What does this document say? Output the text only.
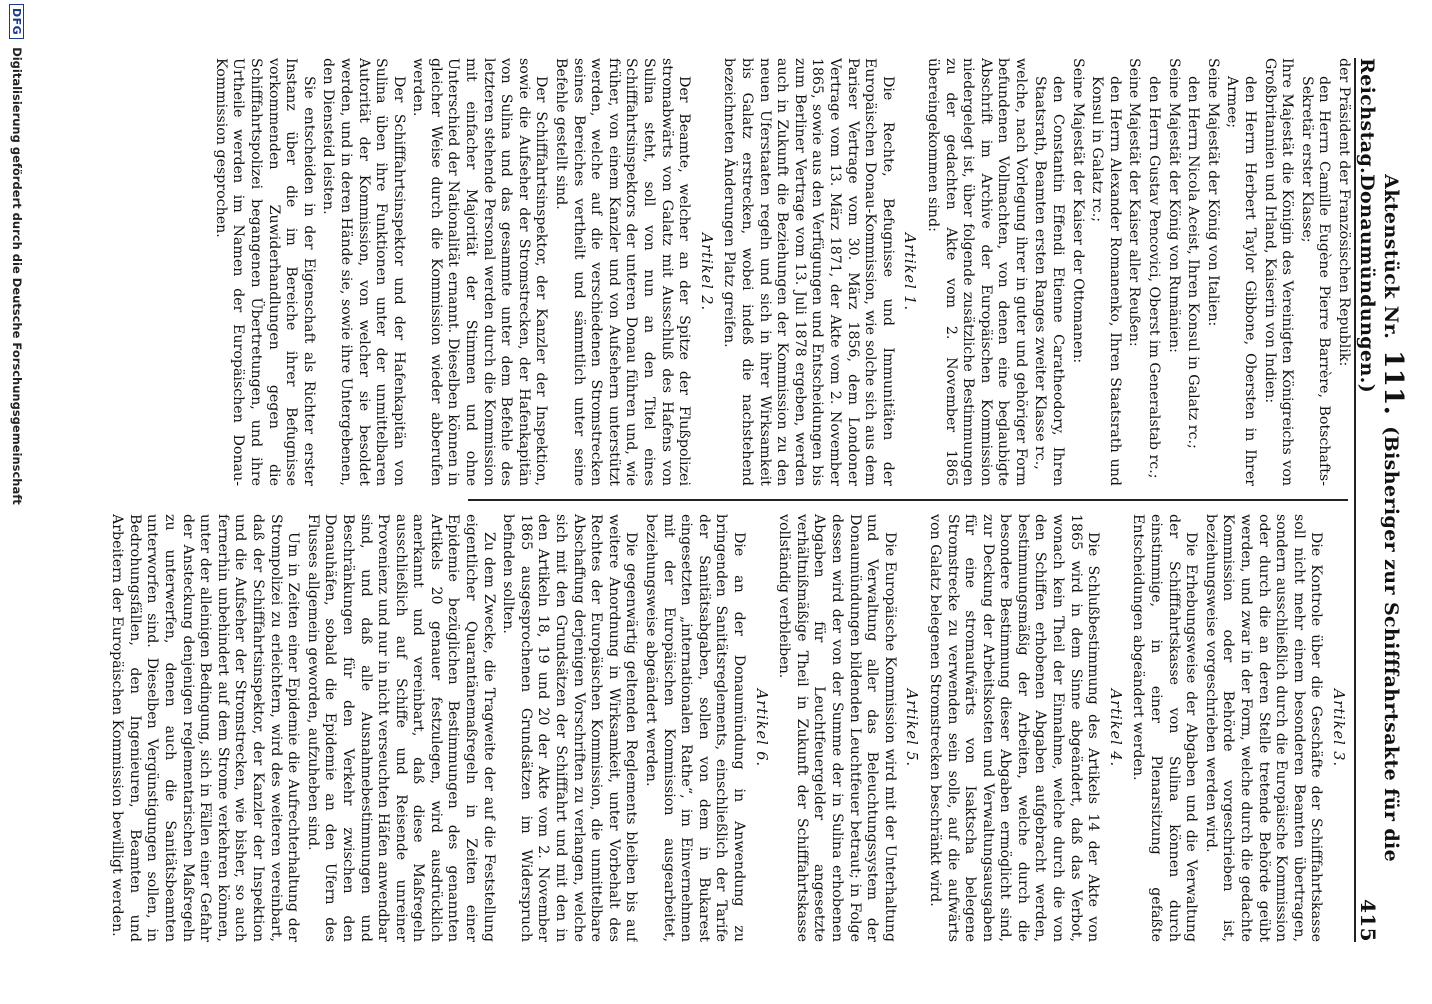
Reichstag.
Aktenstück Nr. 111. (Bisheriger zur Schifffahrtsakte für die Donaumündungen.)
415

der Präsident der Französischen Republik:

den Herrn Camille Eugène Pierre Barrère, Botschafts-Sekretär erster Klasse;

Ihre Majestät die Königin des Vereinigten Königreichs von Großbritannien und Irland, Kaiserin von Indien:

den Herrn Herbert Taylor Gibbone, Obersten in Ihrer Armee;

Seine Majestät der König von Italien:

den Herrn Nicola Aceist, Ihren Konsul in Galatz rc.;

Seine Majestät der König von Rumänien:

den Herrn Gustav Pencovici, Oberst im Generalstab rc.;

Seine Majestät der Kaiser aller Reußen:

den Herrn Alexander Romanenko, Ihren Staatsrath und Konsul in Galatz rc.;

Seine Majestät der Kaiser der Ottomanen:

den Constantin Effendi Etienne Caratheodory, Ihren Staatsrath, Beamten ersten Ranges zweiter Klasse rc.,

welche, nach Vorlegung ihrer in guter und gehöriger Form befundenen Vollmachten, von denen eine beglaubigte Abschrift im Archive der Europäischen Kommission niedergelegt ist, über folgende zusätzliche Bestimmungen zu der gedachten Akte vom 2. November 1865 übereingekommen sind:

Artikel 1.

Die Rechte, Befugnisse und Immunitäten der Europäischen Donau-Kommission, wie solche sich aus dem Pariser Vertrage vom 30. März 1856, dem Londoner Vertrage vom 13. März 1871, der Akte vom 2. November 1865, sowie aus den Verfügungen und Entscheidungen bis zum Berliner Vertrage vom 13. Juli 1878 ergeben, werden auch in Zukunft die Beziehungen der Kommission zu den neuen Uferstaaten regeln und sich in ihrer Wirksamkeit bis Galatz erstrecken, wobei indeß die nachstehend bezeichneten Änderungen Platz greifen.

Artikel 2.

Der Beamte, welcher an der Spitze der Flußpolizei stromabwärts von Galatz mit Ausschluß des Hafens von Sulina steht, soll von nun an den Titel eines Schifffahrtsinspektors der unteren Donau führen und, wie früher, von einem Kanzler und von Aufsehern unterstützt werden, welche auf die verschiedenen Stromstrecken seines Bereiches vertheilt und sämmtlich unter seine Befehle gestellt sind.

Der Schifffahrtsinspektor, der Kanzler der Inspektion, sowie die Aufseher der Stromstrecken, der Hafenkapitän von Sulina und das gesammte unter dem Befehle des letzteren stehende Personal werden durch die Kommission mit einfacher Majorität der Stimmen und ohne Unterschied der Nationalität ernannt. Dieselben können in gleicher Weise durch die Kommission wieder abberufen werden.

Der Schifffahrtsinspektor und der Hafenkapitän von Sulina üben ihre Funktionen unter der unmittelbaren Autorität der Kommission, von welcher sie besoldet werden, und in deren Hände sie, sowie ihre Untergebenen, den Diensteid leisten.

Sie entscheiden in der Eigenschaft als Richter erster Instanz über die im Bereiche ihrer Befugnisse vorkommenden Zuwiderhandlungen gegen die Schifffahrtspolizei begangenen Übertretungen, und ihre Urtheile werden im Namen der Europäischen Donau-Kommission gesprochen.

Artikel 3.

Die Kontrole über die Geschäfte der Schifffahrtskasse soll nicht mehr einem besonderen Beamten übertragen, sondern ausschließlich durch die Europäische Kommission oder durch die an deren Stelle tretende Behörde geübt werden, und zwar in der Form, welche durch die gedachte Kommission oder Behörde vorgeschrieben ist, beziehungsweise vorgeschrieben werden wird.

Die Erhebungsweise der Abgaben und die Verwaltung der Schifffahrtskasse von Sulina können durch einstimmige, in einer Plenarsitzung gefaßte Entscheidungen abgeändert werden.

Artikel 4.

Die Schlußbestimmung des Artikels 14 der Akte von 1865 wird in dem Sinne abgeändert, daß das Verbot, wonach kein Theil der Einnahme, welche durch die von den Schiffen erhobenen Abgaben aufgebracht werden, bestimmungsmäßig der Arbeiten, welche durch die besondere Bestimmung dieser Abgaben ermöglicht sind, zur Deckung der Arbeitskosten und Verwaltungsausgaben für eine stromaufwärts von Isaktscha belegene Stromstrecke zu verwenden sein solle, auf die aufwärts von Galatz belegenen Stromstrecken beschränkt wird.

Artikel 5.

Die Europäische Kommission wird mit der Unterhaltung und Verwaltung aller das Beleuchtungssystem der Donaumündungen bildenden Leuchtfeuer betraut; in Folge dessen wird der von der Summe der in Sulina erhobenen Abgaben für Leuchtfeuergelder angesetzte verhältnißmäßige Theil in Zukunft der Schifffahrtskasse vollständig verbleiben.

Artikel 6.

Die an der Donaumündung in Anwendung zu bringenden Sanitätsreglements, einschließlich der Tarife der Sanitätsabgaben, sollen von dem in Bukarest eingesetzten „internationalen Rathe“, im Einvernehmen mit der Europäischen Kommission ausgearbeitet, beziehungsweise abgeändert werden.

Die gegenwärtig geltenden Reglements bleiben bis auf weitere Anordnung in Wirksamkeit, unter Vorbehalt des Rechtes der Europäischen Kommission, die unmittelbare Abschaffung derjenigen Vorschriften zu verlangen, welche sich mit den Grundsätzen der Schifffahrt und mit den in den Artikeln 18, 19 und 20 der Akte vom 2. November 1865 ausgesprochenen Grundsätzen im Widerspruch befinden sollten.

Zu dem Zwecke, die Tragweite der auf die Feststellung eigentlicher Quarantänemaßregeln in Zeiten einer Epidemie bezüglichen Bestimmungen des genannten Artikels 20 genauer festzulegen, wird ausdrücklich anerkannt und vereinbart, daß diese Maßregeln ausschließlich auf Schiffe und Reisende unreiner Provenienz und nur in nicht verseuchten Häfen anwendbar sind, und daß alle Ausnahmebestimmungen und Beschränkungen für den Verkehr zwischen den Donauhäfen, sobald die Epidemie an den Ufern des Flusses allgemein geworden, aufzuheben sind.

Um in Zeiten einer Epidemie die Aufrechterhaltung der Strompolizei zu erleichtern, wird des weiteren vereinbart, daß der Schifffahrtsinspektor, der Kanzler der Inspektion und die Aufseher der Stromstrecken, wie bisher, so auch fernerhin unbehindert auf dem Strome verkehren können, unter der alleinigen Bedingung, sich in Fällen einer Gefahr der Ansteckung denjenigen reglementarischen Maßregeln zu unterwerfen, denen auch die Sanitätsbeamten unterworfen sind. Dieselben Vergünstigungen sollen, in Bedrohungsfällen, den Ingenieuren, Beamten und Arbeitern der Europäischen Kommission bewilligt werden.

DFG
Digitalisierung gefördert durch die Deutsche Forschungsgemeinschaft
